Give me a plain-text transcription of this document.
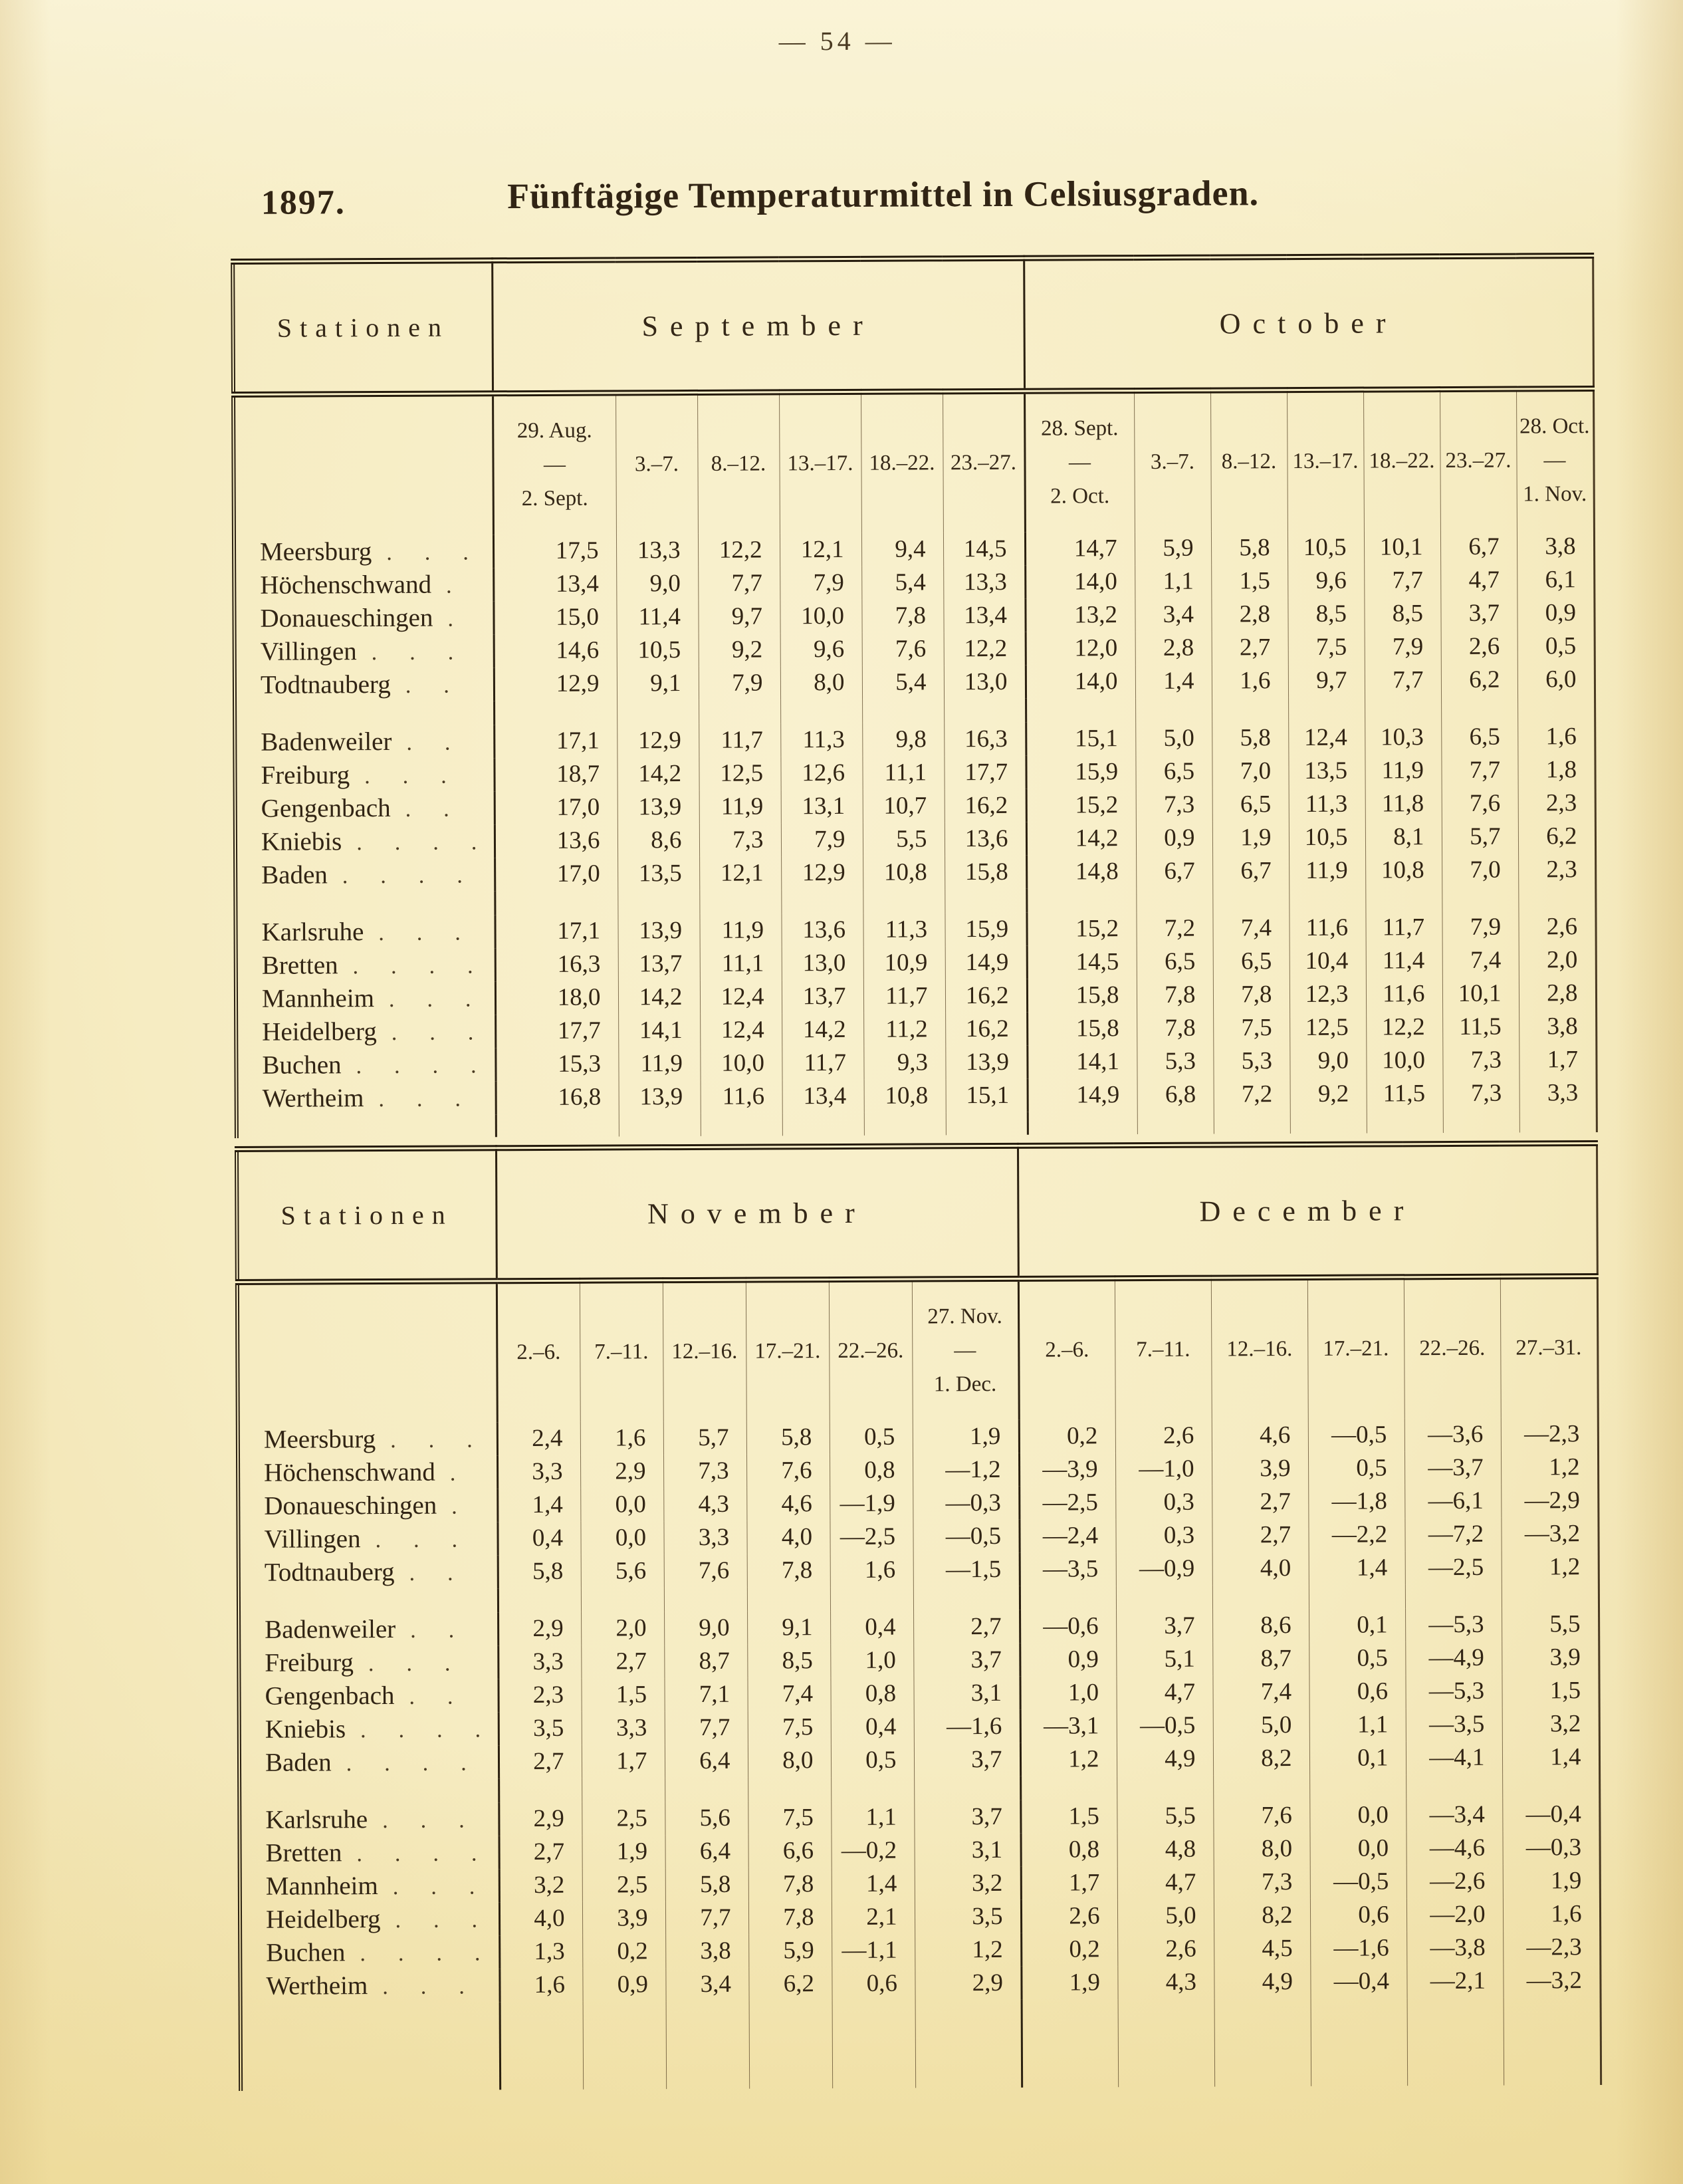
— 54 —
1897.	Fünftägige Temperaturmittel in Celsiusgraden.
Stationen	September						October						
	29. Aug.
—
2. Sept.	3.–7.	8.–12.	13.–17.	18.–22.	23.–27.	28. Sept.
—
2. Oct.	3.–7.	8.–12.	13.–17.	18.–22.	23.–27.	28. Oct.
—
1. Nov.
Meersburg . . .	17,5	13,3	12,2	12,1	9,4	14,5	14,7	5,9	5,8	10,5	10,1	6,7	3,8
Höchenschwand .	13,4	9,0	7,7	7,9	5,4	13,3	14,0	1,1	1,5	9,6	7,7	4,7	6,1
Donaueschingen .	15,0	11,4	9,7	10,0	7,8	13,4	13,2	3,4	2,8	8,5	8,5	3,7	0,9
Villingen . . .	14,6	10,5	9,2	9,6	7,6	12,2	12,0	2,8	2,7	7,5	7,9	2,6	0,5
Todtnauberg . .	12,9	9,1	7,9	8,0	5,4	13,0	14,0	1,4	1,6	9,7	7,7	6,2	6,0

Badenweiler . .	17,1	12,9	11,7	11,3	9,8	16,3	15,1	5,0	5,8	12,4	10,3	6,5	1,6
Freiburg . . .	18,7	14,2	12,5	12,6	11,1	17,7	15,9	6,5	7,0	13,5	11,9	7,7	1,8
Gengenbach . .	17,0	13,9	11,9	13,1	10,7	16,2	15,2	7,3	6,5	11,3	11,8	7,6	2,3
Kniebis . . . .	13,6	8,6	7,3	7,9	5,5	13,6	14,2	0,9	1,9	10,5	8,1	5,7	6,2
Baden . . . .	17,0	13,5	12,1	12,9	10,8	15,8	14,8	6,7	6,7	11,9	10,8	7,0	2,3

Karlsruhe . . .	17,1	13,9	11,9	13,6	11,3	15,9	15,2	7,2	7,4	11,6	11,7	7,9	2,6
Bretten . . . .	16,3	13,7	11,1	13,0	10,9	14,9	14,5	6,5	6,5	10,4	11,4	7,4	2,0
Mannheim . . .	18,0	14,2	12,4	13,7	11,7	16,2	15,8	7,8	7,8	12,3	11,6	10,1	2,8
Heidelberg . . .	17,7	14,1	12,4	14,2	11,2	16,2	15,8	7,8	7,5	12,5	12,2	11,5	3,8
Buchen . . . .	15,3	11,9	10,0	11,7	9,3	13,9	14,1	5,3	5,3	9,0	10,0	7,3	1,7
Wertheim . . .	16,8	13,9	11,6	13,4	10,8	15,1	14,9	6,8	7,2	9,2	11,5	7,3	3,3

Stationen	November						December					
	2.–6.	7.–11.	12.–16.	17.–21.	22.–26.	27. Nov.
—
1. Dec.	2.–6.	7.–11.	12.–16.	17.–21.	22.–26.	27.–31.
Meersburg . . .	2,4	1,6	5,7	5,8	0,5	1,9	0,2	2,6	4,6	—0,5	—3,6	—2,3
Höchenschwand .	3,3	2,9	7,3	7,6	0,8	—1,2	—3,9	—1,0	3,9	0,5	—3,7	1,2
Donaueschingen .	1,4	0,0	4,3	4,6	—1,9	—0,3	—2,5	0,3	2,7	—1,8	—6,1	—2,9
Villingen . . .	0,4	0,0	3,3	4,0	—2,5	—0,5	—2,4	0,3	2,7	—2,2	—7,2	—3,2
Todtnauberg . .	5,8	5,6	7,6	7,8	1,6	—1,5	—3,5	—0,9	4,0	1,4	—2,5	1,2

Badenweiler . .	2,9	2,0	9,0	9,1	0,4	2,7	—0,6	3,7	8,6	0,1	—5,3	5,5
Freiburg . . .	3,3	2,7	8,7	8,5	1,0	3,7	0,9	5,1	8,7	0,5	—4,9	3,9
Gengenbach . .	2,3	1,5	7,1	7,4	0,8	3,1	1,0	4,7	7,4	0,6	—5,3	1,5
Kniebis . . . .	3,5	3,3	7,7	7,5	0,4	—1,6	—3,1	—0,5	5,0	1,1	—3,5	3,2
Baden . . . .	2,7	1,7	6,4	8,0	0,5	3,7	1,2	4,9	8,2	0,1	—4,1	1,4

Karlsruhe . . .	2,9	2,5	5,6	7,5	1,1	3,7	1,5	5,5	7,6	0,0	—3,4	—0,4
Bretten . . . .	2,7	1,9	6,4	6,6	—0,2	3,1	0,8	4,8	8,0	0,0	—4,6	—0,3
Mannheim . . .	3,2	2,5	5,8	7,8	1,4	3,2	1,7	4,7	7,3	—0,5	—2,6	1,9
Heidelberg . . .	4,0	3,9	7,7	7,8	2,1	3,5	2,6	5,0	8,2	0,6	—2,0	1,6
Buchen . . . .	1,3	0,2	3,8	5,9	—1,1	1,2	0,2	2,6	4,5	—1,6	—3,8	—2,3
Wertheim . . .	1,6	0,9	3,4	6,2	0,6	2,9	1,9	4,3	4,9	—0,4	—2,1	—3,2
